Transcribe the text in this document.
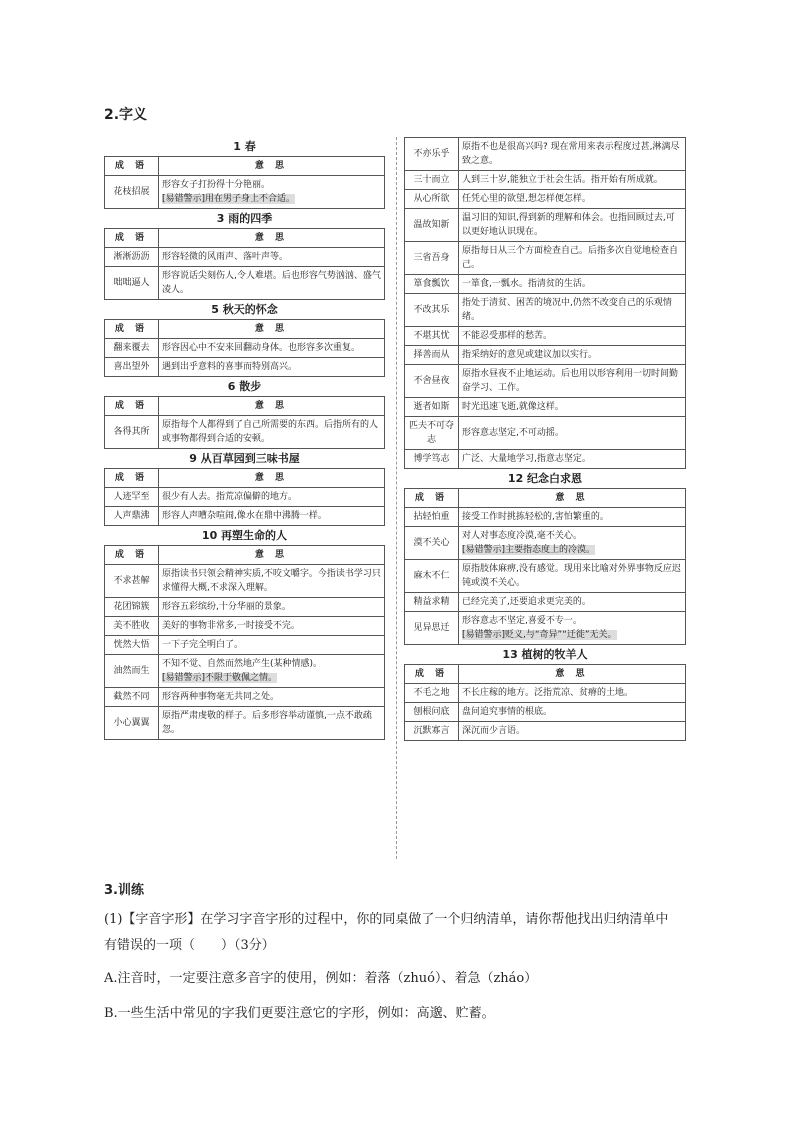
2.字义
1 春
成 语	意 思
花枝招展	形容女子打扮得十分艳丽。
[易错警示]用在男子身上不合适。
3 雨的四季
成 语	意 思
淅淅沥沥	形容轻微的风雨声、落叶声等。

咄咄逼人	形容说话尖刻伤人,令人难堪。后也形容气势汹汹、盛气凌人。
5 秋天的怀念
成 语	意 思
翻来覆去	形容因心中不安来回翻动身体。也形容多次重复。

喜出望外	遇到出乎意料的喜事而特别高兴。
6 散步
成 语	意 思
各得其所	原指每个人都得到了自己所需要的东西。后指所有的人或事物都得到合适的安顿。
9 从百草园到三味书屋
成 语	意 思
人迹罕至	很少有人去。指荒凉偏僻的地方。

人声鼎沸	形容人声嘈杂喧闹,像水在鼎中沸腾一样。
10 再塑生命的人
成 语	意 思
不求甚解	原指读书只领会精神实质,不咬文嚼字。今指读书学习只求懂得大概,不求深入理解。

花团锦簇	形容五彩缤纷,十分华丽的景象。

美不胜收	美好的事物非常多,一时接受不完。

恍然大悟	一下子完全明白了。

油然而生	不知不觉、自然而然地产生(某种情感)。
[易错警示]不限于敬佩之情。

截然不同	形容两种事物毫无共同之处。

小心翼翼	原指严肃虔敬的样子。后多形容举动谨慎,一点不敢疏忽。
不亦乐乎	原指不也是很高兴吗? 现在常用来表示程度过甚,淋漓尽致之意。

三十而立	人到三十岁,能独立于社会生活。指开始有所成就。

从心所欲	任凭心里的欲望,想怎样便怎样。

温故知新	温习旧的知识,得到新的理解和体会。也指回顾过去,可以更好地认识现在。

三省吾身	原指每日从三个方面检查自己。后指多次自觉地检查自己。

箪食瓢饮	一箪食,一瓢水。指清贫的生活。

不改其乐	指处于清贫、困苦的境况中,仍然不改变自己的乐观情绪。

不堪其忧	不能忍受那样的愁苦。

择善而从	指采纳好的意见或建议加以实行。

不舍昼夜	原指水昼夜不止地运动。后也用以形容利用一切时间勤奋学习、工作。

逝者如斯	时光迅速飞逝,就像这样。

匹夫不可夺志	形容意志坚定,不可动摇。

博学笃志	广泛、大量地学习,指意志坚定。
12 纪念白求恩
成 语	意 思
拈轻怕重	接受工作时挑拣轻松的,害怕繁重的。

漠不关心	对人对事态度冷漠,毫不关心。
[易错警示]主要指态度上的冷漠。

麻木不仁	原指肢体麻痹,没有感觉。现用来比喻对外界事物反应迟钝或漠不关心。

精益求精	已经完美了,还要追求更完美的。

见异思迁	形容意志不坚定,喜爱不专一。
[易错警示]贬义,与“奇异”“迁徙”无关。
13 植树的牧羊人
成 语	意 思
不毛之地	不长庄稼的地方。泛指荒凉、贫瘠的土地。

刨根问底	盘问追究事情的根底。

沉默寡言	深沉而少言语。
3.训练
(1)【字音字形】在学习字音字形的过程中，你的同桌做了一个归纳清单，请你帮他找出归纳清单中
有错误的一项（　　）（3分）
A.注音时，一定要注意多音字的使用，例如：着落（zhuó）、着急（zháo）
B.一些生活中常见的字我们更要注意它的字形，例如：高邈、贮蓄。
